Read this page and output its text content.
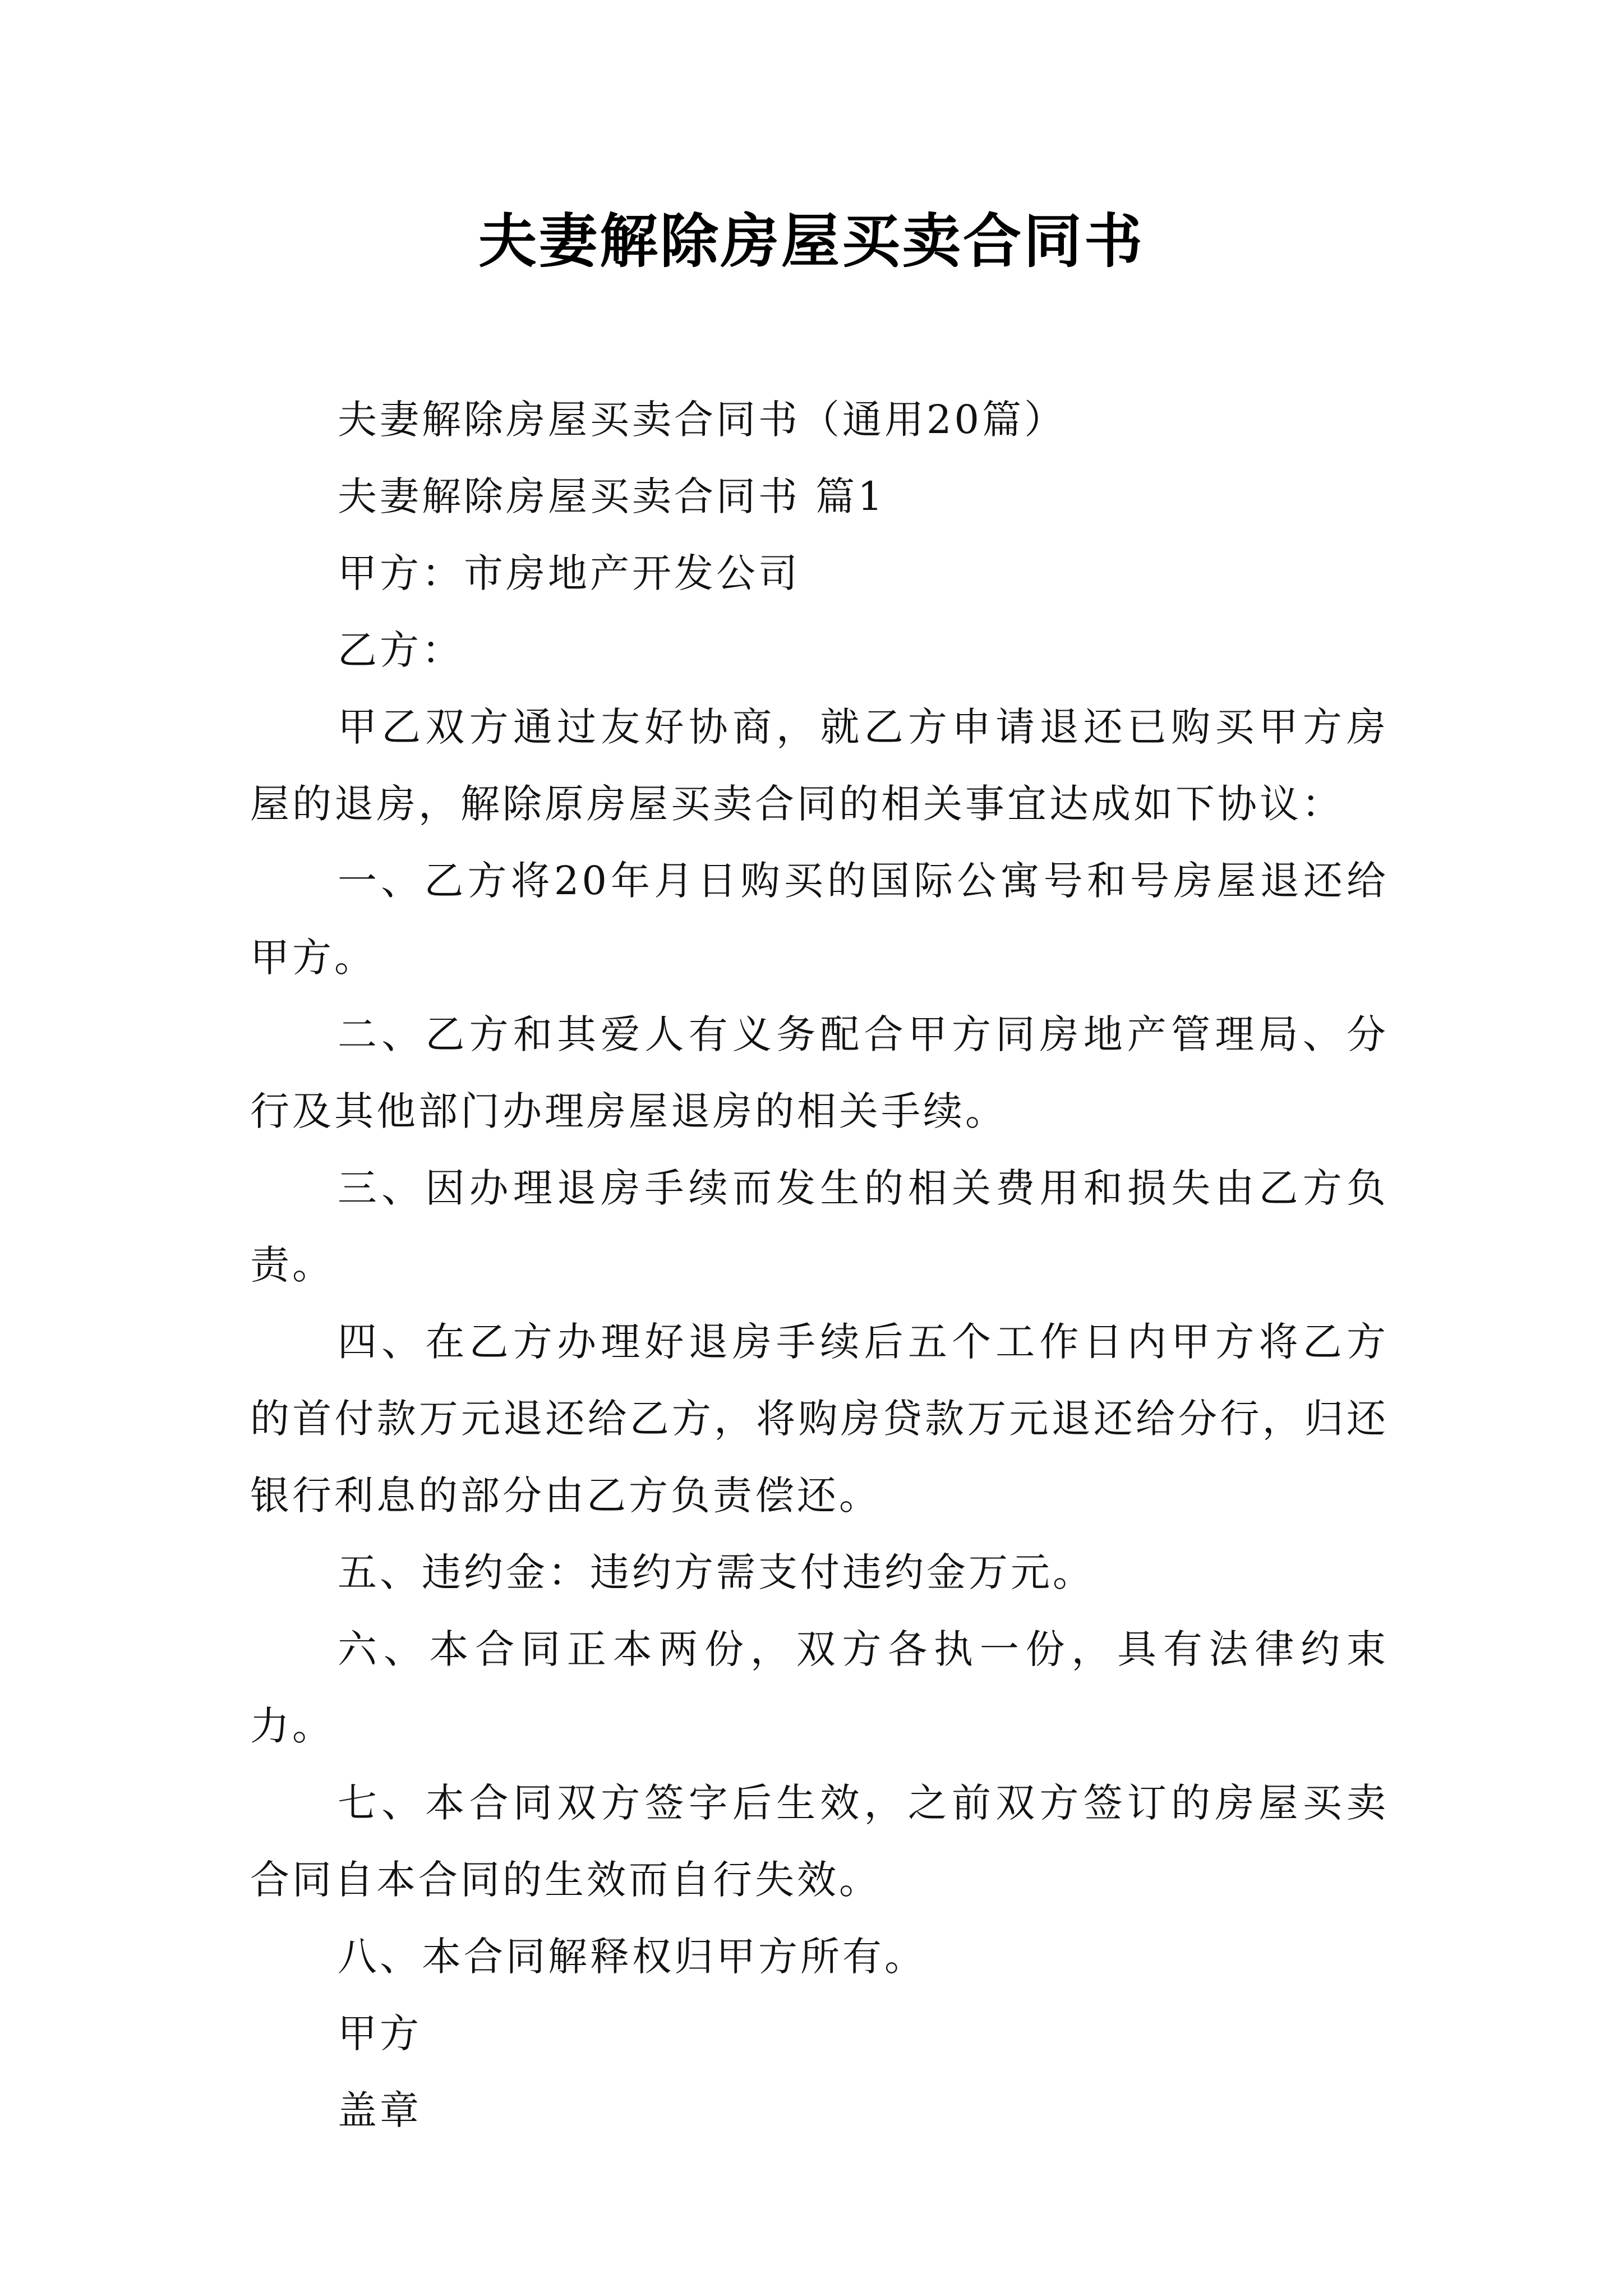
夫妻解除房屋买卖合同书

夫妻解除房屋买卖合同书（通用20篇）

夫妻解除房屋买卖合同书 篇1

甲方：市房地产开发公司

乙方：

甲乙双方通过友好协商，就乙方申请退还已购买甲方房屋的退房，解除原房屋买卖合同的相关事宜达成如下协议：

一、乙方将20年月日购买的国际公寓号和号房屋退还给甲方。

二、乙方和其爱人有义务配合甲方同房地产管理局、分行及其他部门办理房屋退房的相关手续。

三、因办理退房手续而发生的相关费用和损失由乙方负责。

四、在乙方办理好退房手续后五个工作日内甲方将乙方的首付款万元退还给乙方，将购房贷款万元退还给分行，归还银行利息的部分由乙方负责偿还。

五、违约金：违约方需支付违约金万元。

六、本合同正本两份，双方各执一份，具有法律约束力。

七、本合同双方签字后生效，之前双方签订的房屋买卖合同自本合同的生效而自行失效。

八、本合同解释权归甲方所有。

甲方

盖章
